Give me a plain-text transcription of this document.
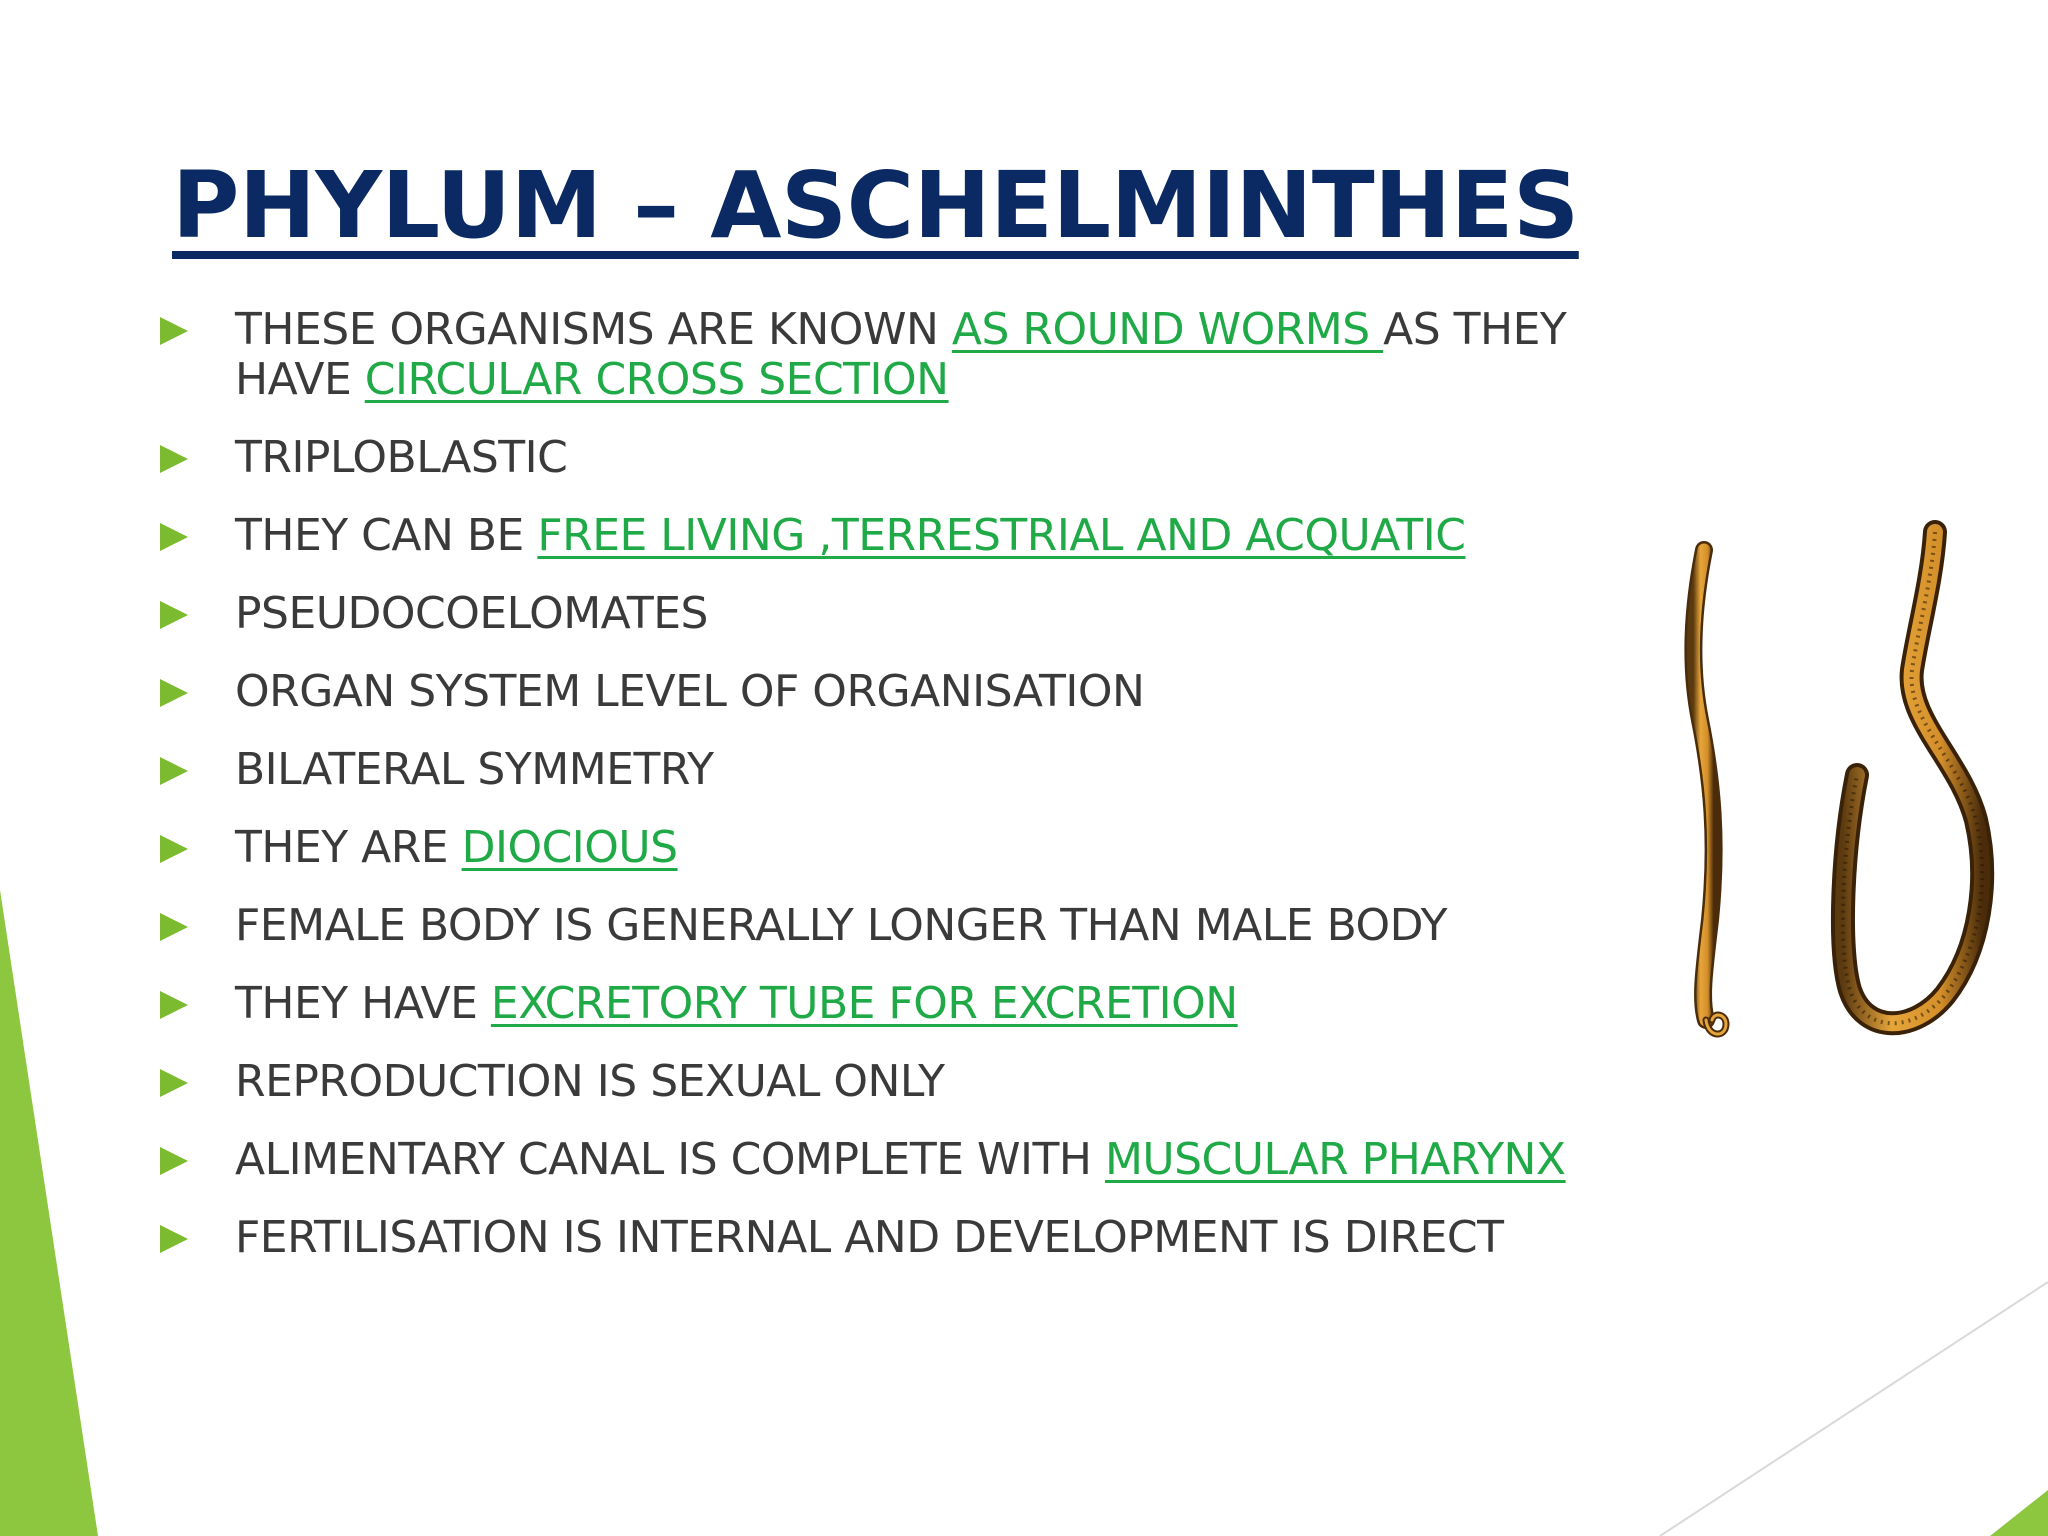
PHYLUM – ASCHELMINTHES
THESE ORGANISMS ARE KNOWN AS ROUND WORMS AS THEY HAVE CIRCULAR CROSS SECTION
TRIPLOBLASTIC
THEY CAN BE FREE LIVING ,TERRESTRIAL AND ACQUATIC
PSEUDOCOELOMATES
ORGAN SYSTEM LEVEL OF ORGANISATION
BILATERAL SYMMETRY
THEY ARE DIOCIOUS
FEMALE BODY IS GENERALLY LONGER THAN MALE BODY
THEY HAVE EXCRETORY TUBE FOR EXCRETION
REPRODUCTION IS SEXUAL ONLY
ALIMENTARY CANAL IS COMPLETE WITH MUSCULAR PHARYNX
FERTILISATION IS INTERNAL AND DEVELOPMENT IS DIRECT
